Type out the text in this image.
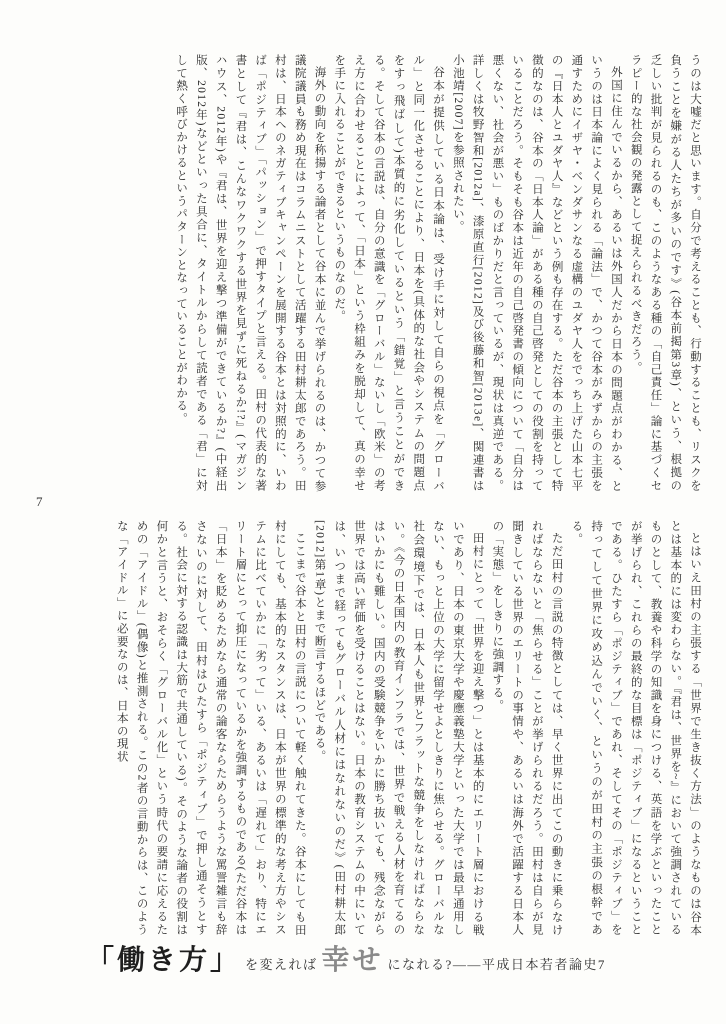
うのは大嘘だと思います。自分で考えることも、行動することも、リスクを負うことを嫌がる人たちが多いのです》(谷本前掲第3章)、という、根拠の乏しい批判が見られるのも、このようなある種の「自己責任」論に基づくセラピー的な社会観の発露として捉えられるべきだろう。

外国に住んでいるから、あるいは外国人だから日本の問題点がわかる、というのは日本論によく見られる「論法」で、かつて谷本がみずからの主張を通すためにイザヤ・ベンダサンなる虚構のユダヤ人をでっち上げた山本七平の『日本人とユダヤ人』などという例も存在する。ただ谷本の主張として特徴的なのは、谷本の「日本人論」がある種の自己啓発としての役割を持っていることだろう。そもそも谷本は近年の自己啓発書の傾向について「自分は悪くない、社会が悪い」ものばかりだと言っているが、現状は真逆である。詳しくは牧野智和[2012a]、漆原直行[2012]及び後藤和智[2013e]、関連書は小池靖[2007]を参照されたい。

谷本が提供している日本論は、受け手に対して自らの視点を「グローバル」と同一化させることにより、日本を(具体的な社会やシステムの問題点をすっ飛ばして)本質的に劣化しているという「錯覚」と言うことができる。そして谷本の言説は、自分の意識を「グローバル」ないし「欧米」の考え方に合わせることによって、「日本」という枠組みを脱却して、真の幸せを手に入れることができるというものなのだ。

海外の動向を称揚する論者として谷本に並んで挙げられるのは、かつて参議院議員も務め現在はコラムニストとして活躍する田村耕太郎であろう。田村は、日本へのネガティブキャンペーンを展開する谷本とは対照的に、いわば「ポジティブ」「パッション」で押すタイプと言える。田村の代表的な著書として『君は、こんなワクワクする世界を見ずに死ねるか!?』(マガジンハウス、2012年)や『君は、世界を迎え撃つ準備ができているか?』(中経出版、2012年)などといった具合に、タイトルからして読者である「君」に対して熱く呼びかけるというパターンとなっていることがわかる。

とはいえ田村の主張する「世界で生き抜く方法」のようなものは谷本とは基本的には変わらない。『君は、世界を~』において強調されているものとして、教養や科学の知識を身につける、英語を学ぶといったことが挙げられ、これらの最終的な目標は「ポジティブ」になるということである。ひたすら「ポジティブ」であれ、そしてその「ポジティブ」を持ってして世界に攻め込んでいく、というのが田村の主張の根幹である。

ただ田村の言説の特徴としては、早く世界に出てこの動きに乗らなければならないと「焦らせる」ことが挙げられるだろう。田村は自らが見聞きしている世界のエリートの事情や、あるいは海外で活躍する日本人の「実態」をしきりに強調する。

田村にとって「世界を迎え撃つ」とは基本的にエリート層における戦いであり、日本の東京大学や慶應義塾大学といった大学では最早通用しない、もっと上位の大学に留学せよとしきりに焦らせる。グローバルな社会環境下では、日本人も世界とフラットな競争をしなければならない。《今の日本国内の教育インフラでは、世界で戦える人材を育てるのはいかにも難しい。国内の受験競争をいかに勝ち抜いても、残念ながら世界では高い評価を受けることはない。日本の教育システムの中にいては、いつまで経ってもグローバル人材にはなれないのだ》(田村耕太郎[2012]第1章)とまで断言するほどである。

ここまで谷本と田村の言説について軽く触れてきた。谷本にしても田村にしても、基本的なスタンスは、日本が世界の標準的な考え方やシステムに比べていかに「劣って」いる、あるいは「遅れて」おり、特にエリート層にとって抑圧になっているかを強調するものである(ただ谷本は「日本」を貶めるためなら通常の論客ならためらうような罵詈雑言も辞さないのに対して、田村はひたすら「ポジティブ」で押し通そうとする。社会に対する認識は大筋で共通している)。そのような論者の役割は何かと言うと、おそらく「グローバル化」という時代の要請に応えるための「アイドル」(偶像)と推測される。この2者の言動からは、このような「アイドル」に必要なのは、日本の現状

7
「働き方」 を変えれば 幸せ になれる?——平成日本若者論史7
